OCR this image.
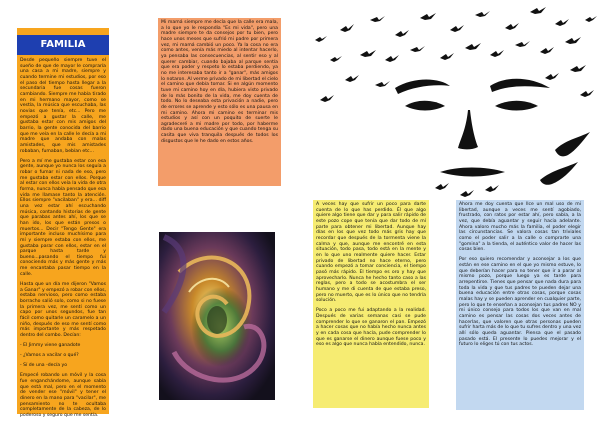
Desde pequeño siempre tuve el sueño de que de mayor le compraría una casa a mi madre, siempre y cuando termine mi estudios, por eso el paso del tiempo hasta llegar a la secundaria fue cosas fueron cambiando. Siempre me había tirado en mi hermano mayor, como se vestía, la música que escuchaba, las novias que tenía, etc... Pero me empezó a gustar la calle, me gustaba estar con mis amigos del barrio, la gente conocida del barrio que me veía en la calle le decía a mi madre que andaba con malas amistades, que mis amistades robaban, fumaban, bebían etc...

Pero a mí me gustaba estar con esa gente, aunque yo nunca los seguía a robar o fumar ni nada de eso, pero me gustaba estar con ellos. Porque al estar con ellos veía la vida de otra forma, nunca había pensado que esa vida me llamase tanto la atención. Ellos siempre "vacilaban" y era... diff una vez estar ahí escuchando música, contando historias de gente que parabas antes ahí, los que se han ido, los que están presos o muertos... Decir "Tengo Gente" era importante incluso muchísimo para mí y siempre estaba con ellos, me gustaba parar con ellos, estar en el parque hasta tarde y bueno...pasando el tiempo fui conociendo más y más gente y más me encantaba pasar tiempo en la calle.

Hasta que un día me dijeron "Vamos a Ganar" y empezó a robar con ellos, estaba nervioso, pero como estaba borracho salió solo, como si no fuese la primera vez, me sentí como un capo por unos segundos, fue tan fácil como quitarle un caramelo a un niño, después de eso me sentí como más importante y más respetado dentro del combo. Decían:

- El Jimmy viene ganadote

- ¿Vamos a vacilar o qué?

- Sí de una -decía yo

Empecé robando un móvil y la cosa fue enganchándome, aunque sabía que está mal, pero en el momento de vender ese "móvil" y tener el dinero en la mano para "vacilar", me pensamiento no te ocultaba completamente de la cabeza, de lo poderoso y seguro que me sentía.

FAMILIA

Mi mamá siempre me decía que la calle era mala, a lo que yo le respondía "Es mi vida", pero una madre siempre te da consejos por tu bien, pero hace unos meses que sufrió mi padre por primera vez, mi mamá cambió un poco. Ya la cosa no era como antes, venía más miedo al intentar hacerlo, ya pensaba las consecuencias, al sentir eso y al querer cambiar, cuando bajaba al parque sentía que era poder y respeto lo estaba perdiendo, ya no me interesaba tanto ir a "ganar", más amigos lo notaron. Al verme privado de mi libertad el cielo el camino que debía tomar. Si en algún momento tuve mi camino hoy en día, hubiera visto privado de lo más bonito de la vida, me doy cuenta de todo. No lo deseaba esta privación a nadie, pero de errores se aprende y esto sólo es una pausa en mi camino. Ahora mi camino es terminar mis estudios y así con un poquito de suerte le agradeceré a mi madre por todo, por haberme dado una buena educación y que cuando tenga su casita que viva tranquila después de todos los disgustos que le he dado en estos años.

A veces hay que sufrir un poco para darte cuenta de lo que has perdido. Él que algo quiere algo tiene que dar y para salir rápido de este pozo cope que tenía que dar todo de mí parte para obtener mi libertad. Aunque hay días en los que vez todo más gris hay que recordar que después de la tormenta viene la calma y que, aunque me encontré en esta situación, todo pasa, todo está en la mente y en lo que uno realmente quiere hacer. Estar privado de libertad no hace eterno, pero cuando empezó a tomar conciencia, el tiempo pasó más rápido. El tiempo es oro y hay que aprovecharlo. Nunca he hecho tanto caso a las reglas, pero a todo se acostumbra el ser humano y me di cuenta de que estaba preso, pero no muerto, que es lo único que no tendría solución.

Poco a poco me fui adaptando a la realidad. Después de varias semanas casi se pude comprender lo que se ganaron el pan. Empezó a hacer cosas que no había hecho nunca antes y en cada cosa que hacía, pude comprender lo que es ganarse el dinero aunque fuese poco y eso es algo que nunca había entendido, nunca.

Ahora me doy cuenta que llce un mal uso de mi libertad, aunque a veces me sentí agobiado, frustrado, con ratos por estar ahí, pero sabía, a la vez, que debía aguantar y seguir hacia adelante. Ahora valoro mucho más la familia, el poder elegir las circunstancias. Se valora cosas tan triviales como el poder salir a la calle o comprarte una "gomina" a la tienda, el auténtico valor de hacer las cosas bien.

Por eso quiero recomendar y aconsejar a los que están en ese camino en el que yo mismo estuve, lo que deberían hacer para no tener que ir a parar al mismo pozo, porque luego ya es tarde para arrepentirse. Tienes que pensar que nada dura para toda la vida y que tus padres te pueden dejar una buena educación entre otras cosas, porque cosas malas hay y se pueden aprender en cualquier parte, pero lo que te enseñan a aconsejan tus padres NO y mi único consejo para todos los que van en mal camino es pensar las cosas dos veces antes de hacerlas, que valoren que otras personas pueden sufrir harta más de lo que tu sufres dentro y una vez allí sólo queda aguantar. Piensa que el pasado pasado está. El presente lo puedes mejorar y el futuro lo eliges tú con tus actos.
